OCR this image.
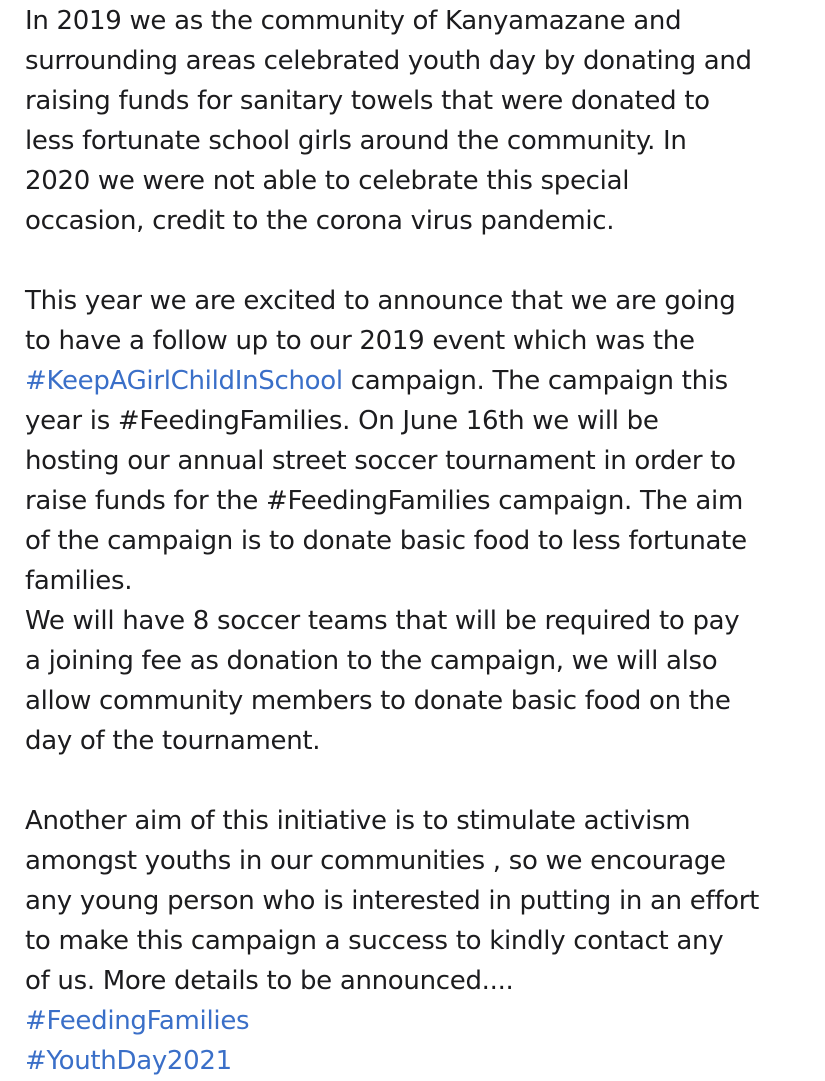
In 2019 we as the community of Kanyamazane and
surrounding areas celebrated youth day by donating and
raising funds for sanitary towels that were donated to
less fortunate school girls around the community. In
2020 we were not able to celebrate this special
occasion, credit to the corona virus pandemic.
This year we are excited to announce that we are going
to have a follow up to our 2019 event which was the
#KeepAGirlChildInSchool campaign. The campaign this
year is #FeedingFamilies. On June 16th we will be
hosting our annual street soccer tournament in order to
raise funds for the #FeedingFamilies campaign. The aim
of the campaign is to donate basic food to less fortunate
families.
We will have 8 soccer teams that will be required to pay
a joining fee as donation to the campaign, we will also
allow community members to donate basic food on the
day of the tournament.
Another aim of this initiative is to stimulate activism
amongst youths in our communities , so we encourage
any young person who is interested in putting in an effort
to make this campaign a success to kindly contact any
of us. More details to be announced....
#FeedingFamilies
#YouthDay2021
